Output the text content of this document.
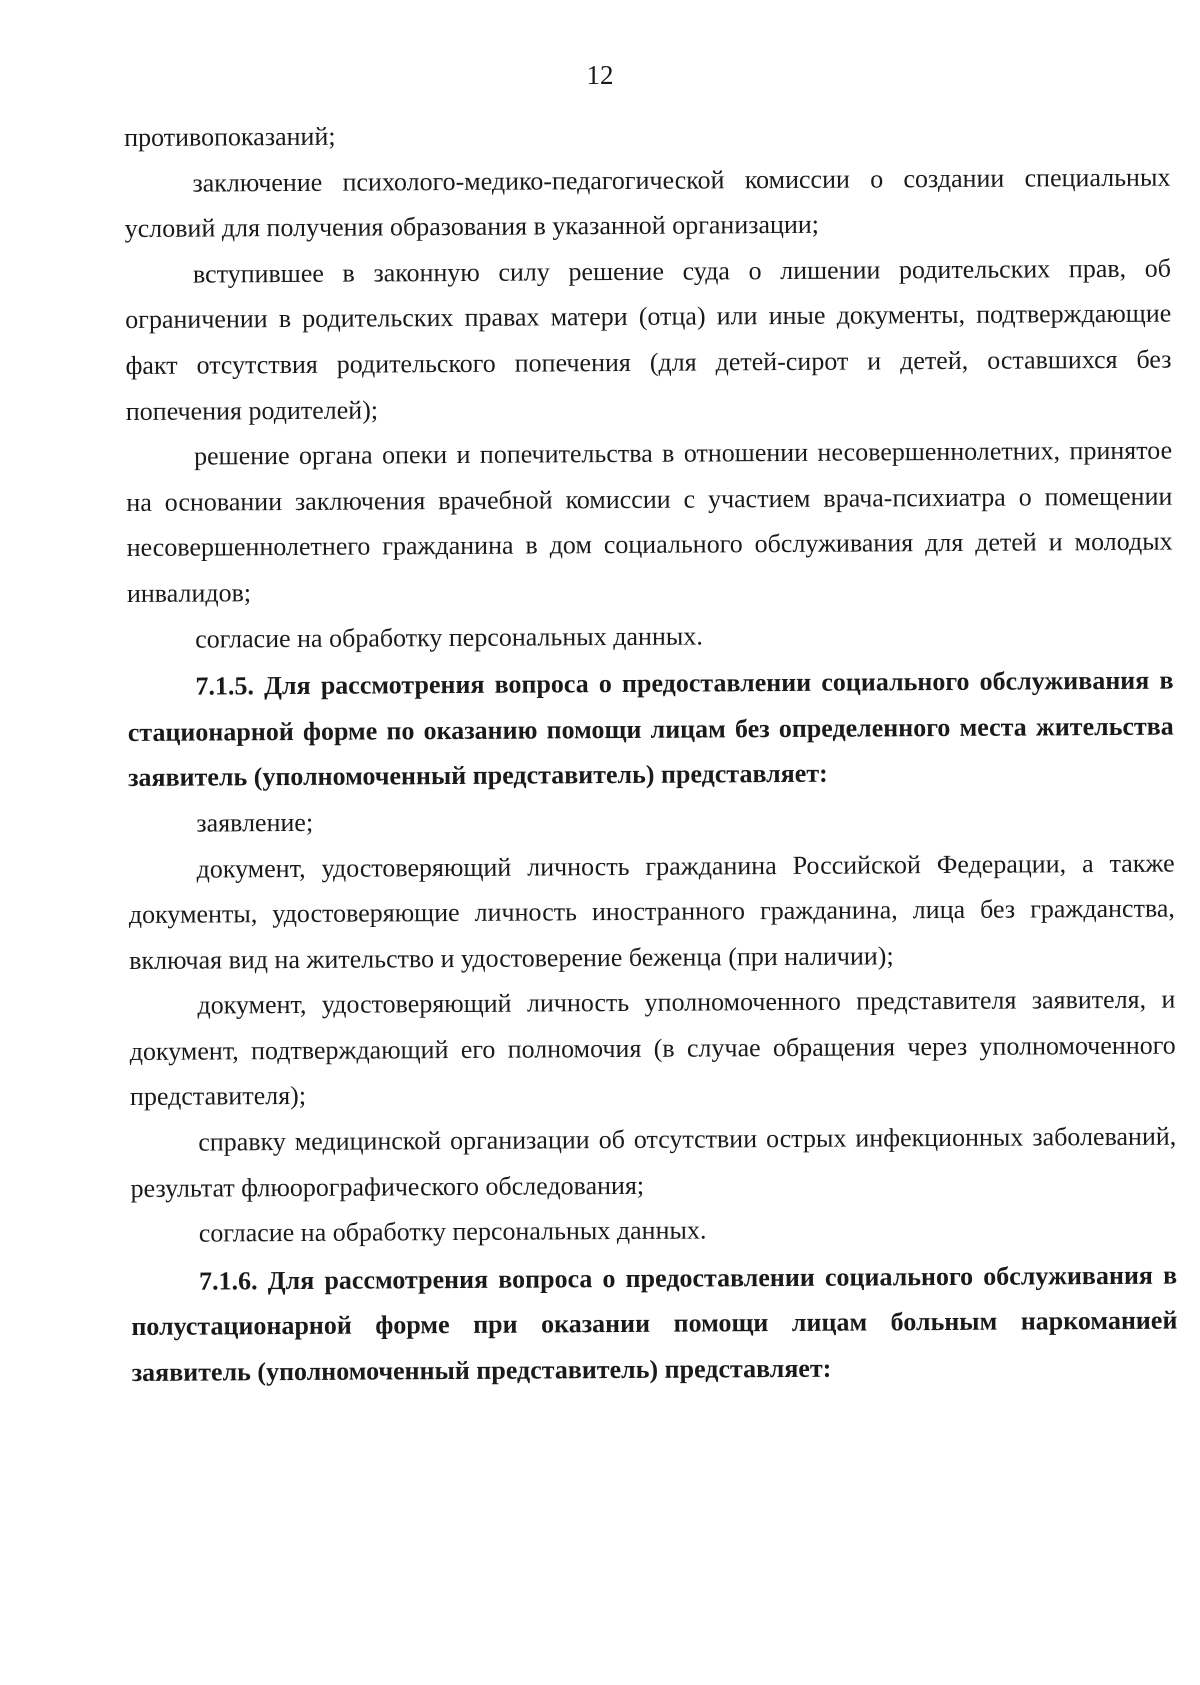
12

противопоказаний;

заключение психолого-медико-педагогической комиссии о создании специальных условий для получения образования в указанной организации;

вступившее в законную силу решение суда о лишении родительских прав, об ограничении в родительских правах матери (отца) или иные документы, подтверждающие факт отсутствия родительского попечения (для детей-сирот и детей, оставшихся без попечения родителей);

решение органа опеки и попечительства в отношении несовершеннолетних, принятое на основании заключения врачебной комиссии с участием врача-психиатра о помещении несовершеннолетнего гражданина в дом социального обслуживания для детей и молодых инвалидов;

согласие на обработку персональных данных.

7.1.5. Для рассмотрения вопроса о предоставлении социального обслуживания в стационарной форме по оказанию помощи лицам без определенного места жительства заявитель (уполномоченный представитель) представляет:

заявление;

документ, удостоверяющий личность гражданина Российской Федерации, а также документы, удостоверяющие личность иностранного гражданина, лица без гражданства, включая вид на жительство и удостоверение беженца (при наличии);

документ, удостоверяющий личность уполномоченного представителя заявителя, и документ, подтверждающий его полномочия (в случае обращения через уполномоченного представителя);

справку медицинской организации об отсутствии острых инфекционных заболеваний, результат флюорографического обследования;

согласие на обработку персональных данных.

7.1.6. Для рассмотрения вопроса о предоставлении социального обслуживания в полустационарной форме при оказании помощи лицам больным наркоманией заявитель (уполномоченный представитель) представляет:
